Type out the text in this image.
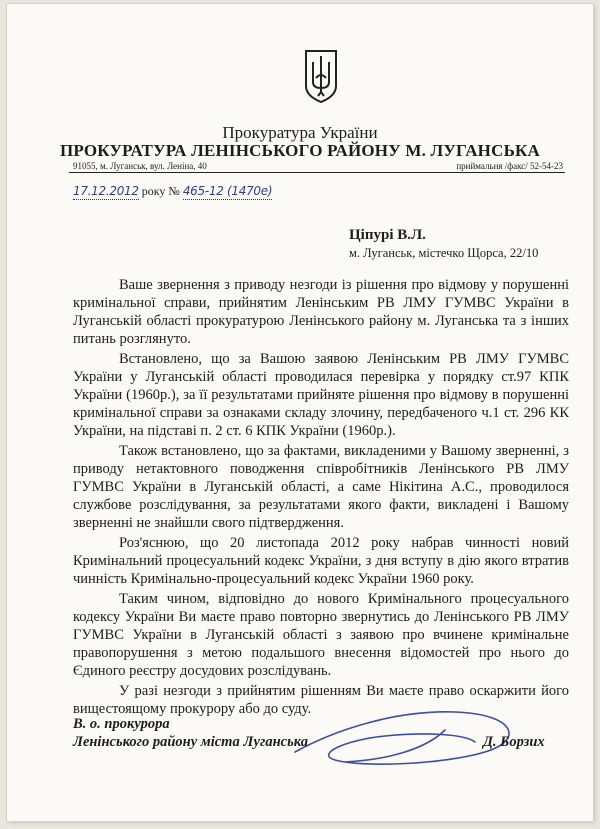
Прокуратура України
ПРОКУРАТУРА ЛЕНІНСЬКОГО РАЙОНУ М. ЛУГАНСЬКА
91055, м. Луганськ, вул. Леніна, 40	приймальня /факс/ 52-54-23
17.12.2012 року № 465-12 (1470e)
Ціпурі В.Л.
м. Луганськ, містечко Щорса, 22/10

Ваше звернення з приводу незгоди із рішення про відмову у порушенні кримінальної справи, прийнятим Ленінським РВ ЛМУ ГУМВС України в Луганській області прокуратурою Ленінського району м. Луганська та з інших питань розглянуто.

Встановлено, що за Вашою заявою Ленінським РВ ЛМУ ГУМВС України у Луганській області проводилася перевірка у порядку ст.97 КПК України (1960р.), за її результатами прийняте рішення про відмову в порушенні кримінальної справи за ознаками складу злочину, передбаченого ч.1 ст. 296 КК України, на підставі п. 2 ст. 6 КПК України (1960р.).

Також встановлено, що за фактами, викладеними у Вашому зверненні, з приводу нетактовного поводження співробітників Ленінського РВ ЛМУ ГУМВС України в Луганській області, а саме Нікітина А.С., проводилося службове розслідування, за результатами якого факти, викладені і Вашому зверненні не знайшли свого підтвердження.

Роз'яснюю, що 20 листопада 2012 року набрав чинності новий Кримінальний процесуальний кодекс України, з дня вступу в дію якого втратив чинність Кримінально-процесуальний кодекс України 1960 року.

Таким чином, відповідно до нового Кримінального процесуального кодексу України Ви маєте право повторно звернутись до Ленінського РВ ЛМУ ГУМВС України в Луганській області з заявою про вчинене кримінальне правопорушення з метою подальшого внесення відомостей про нього до Єдиного реєстру досудових розслідувань.

У разі незгоди з прийнятим рішенням Ви маєте право оскаржити його вищестоящому прокурору або до суду.

В. о. прокурора
Ленінського району міста Луганська	Д. Борзих
